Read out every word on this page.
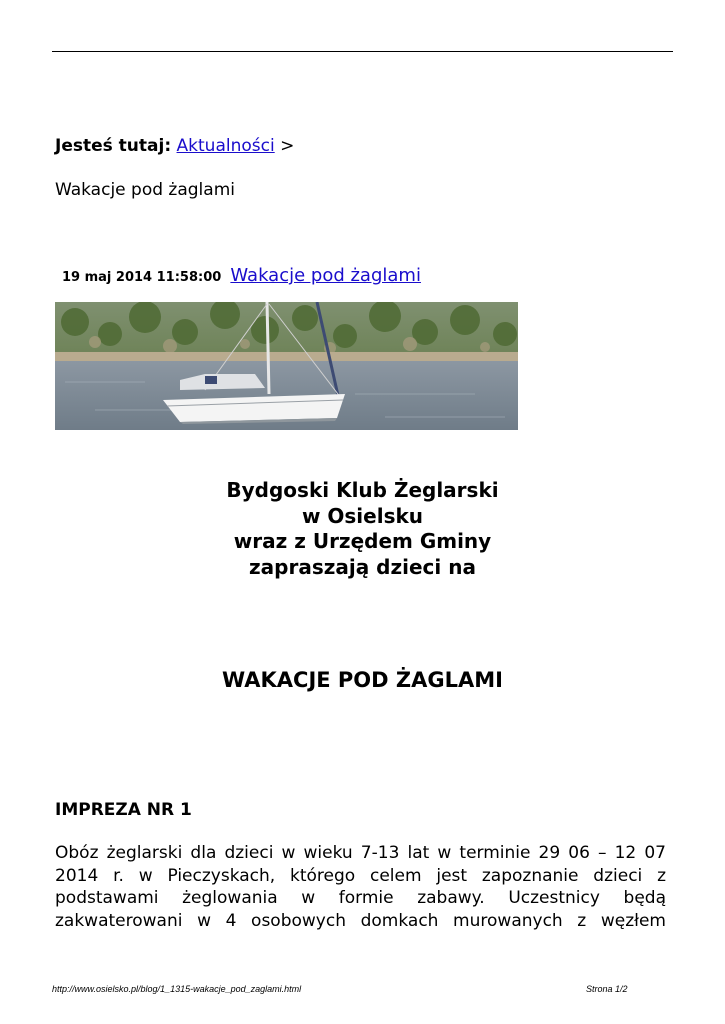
Jesteś tutaj: Aktualności >
Wakacje pod żaglami
19 maj 2014 11:58:00 Wakacje pod żaglami
Bydgoski Klub Żeglarski
w Osielsku
wraz z Urzędem Gminy
zapraszają dzieci na
WAKACJE POD ŻAGLAMI
IMPREZA NR 1
Obóz żeglarski dla dzieci w wieku 7-13 lat w terminie 29 06 – 12 07
2014 r. w Pieczyskach, którego celem jest zapoznanie dzieci z
podstawami żeglowania w formie zabawy. Uczestnicy będą
zakwaterowani w 4 osobowych domkach murowanych z węzłem
http://www.osielsko.pl/blog/1_1315-wakacje_pod_zaglami.html	Strona 1/2
